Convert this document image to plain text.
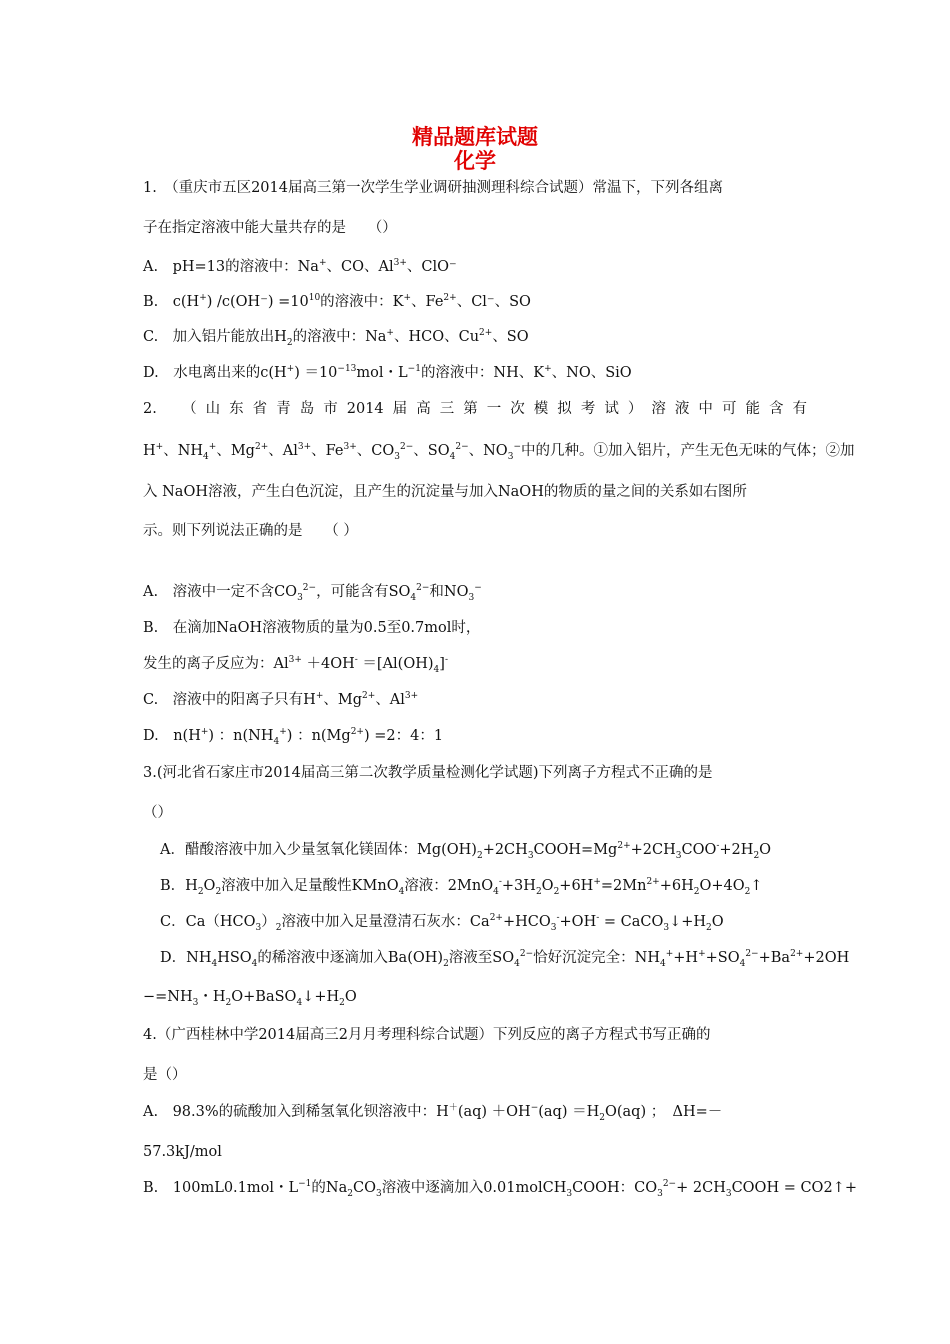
精品题库试题
化学
1.　（重庆市五区2014届高三第一次学生学业调研抽测理科综合试题）常温下，下列各组离
子在指定溶液中能大量共存的是　　（）
A.　pH=13的溶液中：Na+、CO、$Al^{3+}$、ClO⁻
B.　c(H+) $/c(OH^-) =10^{10}$的溶液中：K+、$Fe^{2+}$、Cl⁻、SO
C.　加入铝片能放出$H_2$的溶液中：Na+、HCO、$Cu^{2+}$、SO
D.　水电离出来的$c(H^+) =10^{-13}mol$・$L^{-1}$的溶液中：NH、K+、NO、SiO
2.　（山东省青岛市2014届高三第一次模拟考试）溶液中可能含有
H+、$NH_4^+$、$Mg^{2+}$、$Al^{3+}$、$Fe^{3+}$、$CO_3^{2-}$、$SO_4^{2-}$、$NO_3^-$中的几种。①加入铝片，产生无色无味的气体；②加
入 NaOH溶液，产生白色沉淀，且产生的沉淀量与加入NaOH的物质的量之间的关系如右图所
示。则下列说法正确的是　　（ ）
A.　溶液中一定不含$CO_3^{2-}$，可能含有$SO_4^{2-}$和$NO_3^-$
B.　在滴加NaOH溶液物质的量为0.5至0.7mol时，
发生的离子反应为：$Al^{3+} +4OH^- =[Al(OH)_4]^-$
C.　溶液中的阳离子只有H+、$Mg^{2+}$、$Al^{3+}$
D.　n(H+) ：$n(NH_4^+)$ ：$n(Mg^{2+}) =2$：4：1
3.(河北省石家庄市2014届高三第二次教学质量检测化学试题)下列离子方程式不正确的是
（）
A．醋酸溶液中加入少量氢氧化镁固体：$Mg(OH)_2+2CH_3COOH=Mg^{2+}+2CH_3COO^-+2H_2O$
B．$H_2O_2$溶液中加入足量酸性KMnO$_4$溶液：$2MnO_4^-+3H_2O_2+6H^+=2Mn^{2+}+6H_2O+4O_2↑$
C．$Ca(HCO_3)_2$溶液中加入足量澄清石灰水：$Ca^{2+}+HCO_3^-+OH^-$ = $CaCO_3↓+H_2O$
D．$NH_4HSO_4$的稀溶液中逐滴加入$Ba(OH)_2$溶液至$SO_4^{2-}$恰好沉淀完全：$NH_4^++H^++SO_4^{2-}+Ba^{2+}+2OH$
$-=NH_3$・$H_2O+BaSO_4↓+H_2O$
4.（广西桂林中学2014届高三2月月考理科综合试题）下列反应的离子方程式书写正确的
是（）
A.　98.3%的硫酸加入到稀氢氧化钡溶液中：$H^+(aq) +OH^-(aq) =H_2O(aq)$ ；　ΔH=－
57.3kJ/mol
B.　100mL0.1mol・$L^{-1}$的$Na_2CO_3$溶液中逐滴加入0.01molCH$_3$COOH：$CO_3^{2-}+$ $2CH_3COOH$ = CO2↑+
